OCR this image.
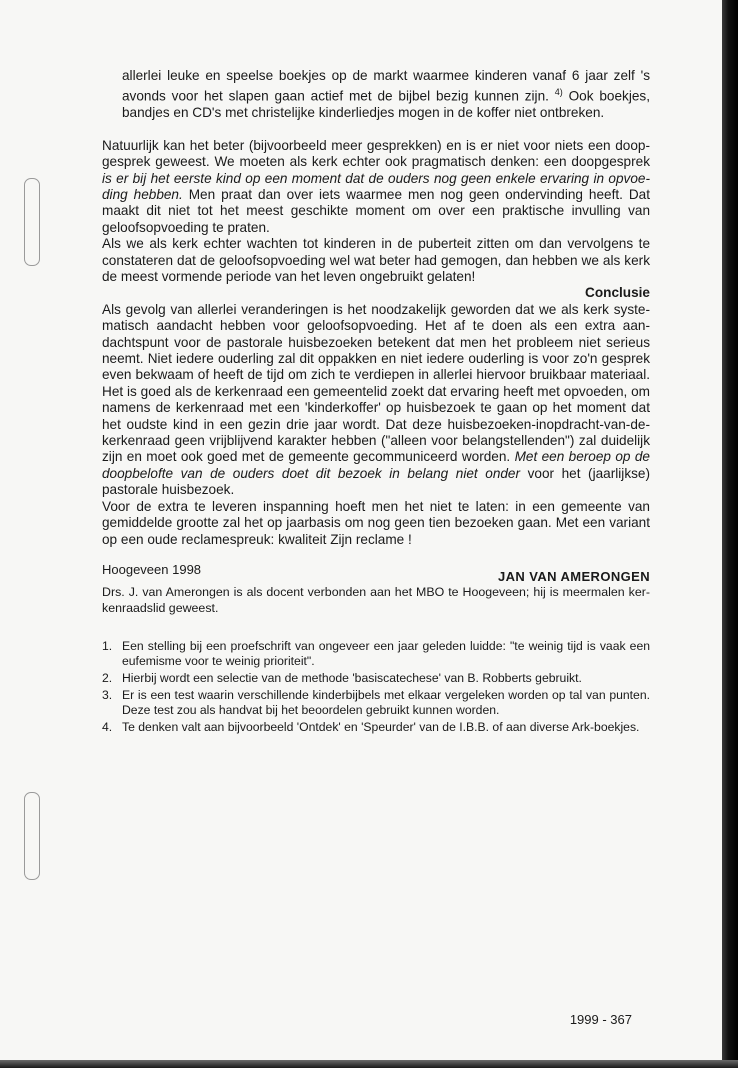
allerlei leuke en speelse boekjes op de markt waarmee kinderen vanaf 6 jaar zelf 's avonds voor het slapen gaan actief met de bijbel bezig kunnen zijn. $^{4)}$ Ook boekjes, bandjes en CD's met christelijke kinderliedjes mogen in de koffer niet ontbreken.

Natuurlijk kan het beter (bijvoorbeeld meer gesprekken) en is er niet voor niets een doopgesprek geweest. We moeten als kerk echter ook pragmatisch denken: een doopgesprek is er bij het eerste kind op een moment dat de ouders nog geen enkele ervaring in opvoeding hebben. Men praat dan over iets waarmee men nog geen ondervinding heeft. Dat maakt dit niet tot het meest geschikte moment om over een praktische invulling van geloofsopvoeding te praten.

Als we als kerk echter wachten tot kinderen in de puberteit zitten om dan vervolgens te constateren dat de geloofsopvoeding wel wat beter had gemogen, dan hebben we als kerk de meest vormende periode van het leven ongebruikt gelaten!

Conclusie

Als gevolg van allerlei veranderingen is het noodzakelijk geworden dat we als kerk systematisch aandacht hebben voor geloofsopvoeding. Het af te doen als een extra aandachtspunt voor de pastorale huisbezoeken betekent dat men het probleem niet serieus neemt. Niet iedere ouderling zal dit oppakken en niet iedere ouderling is voor zo'n gesprek even bekwaam of heeft de tijd om zich te verdiepen in allerlei hiervoor bruikbaar materiaal. Het is goed als de kerkenraad een gemeentelid zoekt dat ervaring heeft met opvoeden, om namens de kerkenraad met een 'kinderkoffer' op huisbezoek te gaan op het moment dat het oudste kind in een gezin drie jaar wordt. Dat deze huisbezoeken-inopdracht-van-de-kerkenraad geen vrijblijvend karakter hebben ("alleen voor belangstellenden") zal duidelijk zijn en moet ook goed met de gemeente gecommuniceerd worden. Met een beroep op de doopbelofte van de ouders doet dit bezoek in belang niet onder voor het (jaarlijkse) pastorale huisbezoek.

Voor de extra te leveren inspanning hoeft men het niet te laten: in een gemeente van gemiddelde grootte zal het op jaarbasis om nog geen tien bezoeken gaan. Met een variant op een oude reclamespreuk: kwaliteit Zijn reclame !

Hoogeveen 1998	JAN VAN AMERONGEN

Drs. J. van Amerongen is als docent verbonden aan het MBO te Hoogeveen; hij is meermalen kerkenraadslid geweest.

1. Een stelling bij een proefschrift van ongeveer een jaar geleden luidde: "te weinig tijd is vaak een eufemisme voor te weinig prioriteit".
2. Hierbij wordt een selectie van de methode 'basiscatechese' van B. Robberts gebruikt.
3. Er is een test waarin verschillende kinderbijbels met elkaar vergeleken worden op tal van punten. Deze test zou als handvat bij het beoordelen gebruikt kunnen worden.
4. Te denken valt aan bijvoorbeeld 'Ontdek' en 'Speurder' van de I.B.B. of aan diverse Ark-boekjes.
1999 - 367
